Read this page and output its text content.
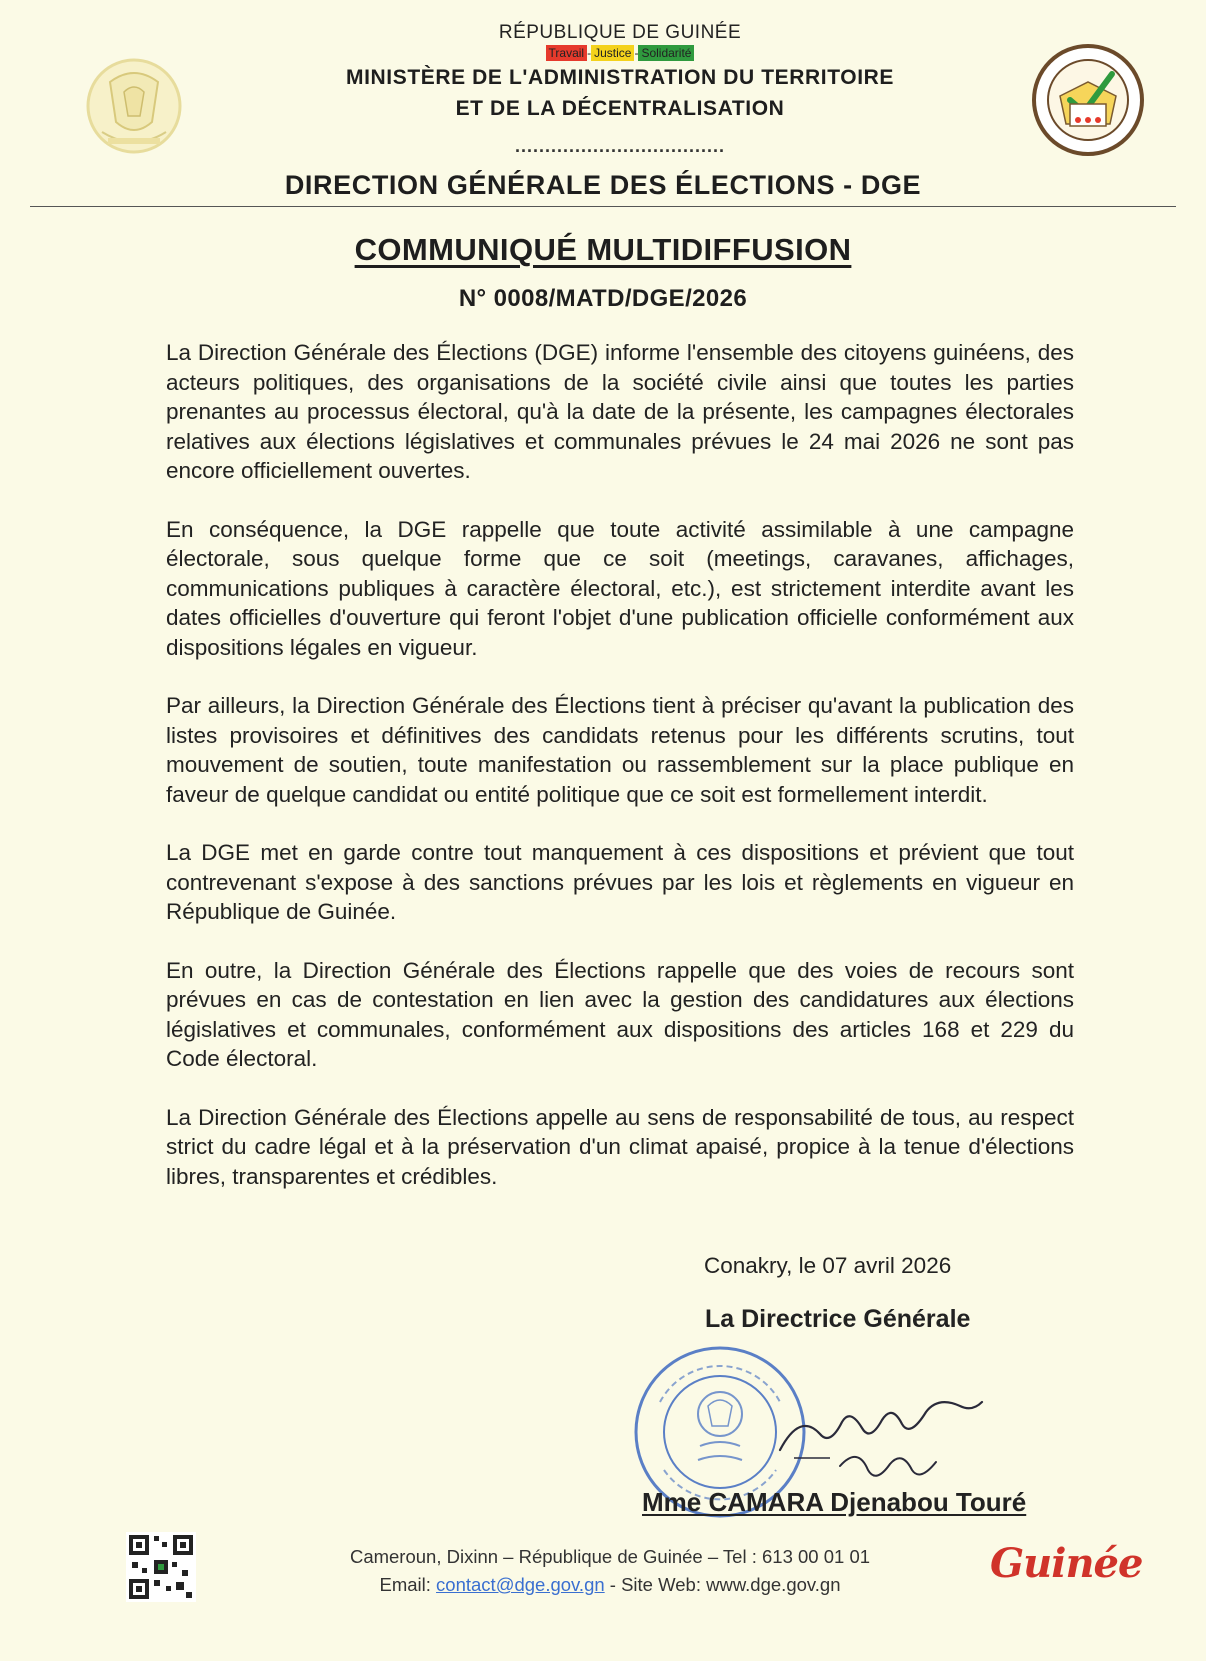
RÉPUBLIQUE DE GUINÉE
Travail - Justice - Solidarité
MINISTÈRE DE L'ADMINISTRATION DU TERRITOIRE
ET DE LA DÉCENTRALISATION
...................................
DIRECTION GÉNÉRALE DES ÉLECTIONS - DGE
COMMUNIQUÉ MULTIDIFFUSION
N° 0008/MATD/DGE/2026

La Direction Générale des Élections (DGE) informe l'ensemble des citoyens guinéens, des acteurs politiques, des organisations de la société civile ainsi que toutes les parties prenantes au processus électoral, qu'à la date de la présente, les campagnes électorales relatives aux élections législatives et communales prévues le 24 mai 2026 ne sont pas encore officiellement ouvertes.

En conséquence, la DGE rappelle que toute activité assimilable à une campagne électorale, sous quelque forme que ce soit (meetings, caravanes, affichages, communications publiques à caractère électoral, etc.), est strictement interdite avant les dates officielles d'ouverture qui feront l'objet d'une publication officielle conformément aux dispositions légales en vigueur.

Par ailleurs, la Direction Générale des Élections tient à préciser qu'avant la publication des listes provisoires et définitives des candidats retenus pour les différents scrutins, tout mouvement de soutien, toute manifestation ou rassemblement sur la place publique en faveur de quelque candidat ou entité politique que ce soit est formellement interdit.

La DGE met en garde contre tout manquement à ces dispositions et prévient que tout contrevenant s'expose à des sanctions prévues par les lois et règlements en vigueur en République de Guinée.

En outre, la Direction Générale des Élections rappelle que des voies de recours sont prévues en cas de contestation en lien avec la gestion des candidatures aux élections législatives et communales, conformément aux dispositions des articles 168 et 229 du Code électoral.

La Direction Générale des Élections appelle au sens de responsabilité de tous, au respect strict du cadre légal et à la préservation d'un climat apaisé, propice à la tenue d'élections libres, transparentes et crédibles.

Conakry, le 07 avril 2026
La Directrice Générale
Mme CAMARA Djenabou Touré
Cameroun, Dixinn – République de Guinée – Tel : 613 00 01 01
Email: contact@dge.gov.gn - Site Web: www.dge.gov.gn	Guinée
